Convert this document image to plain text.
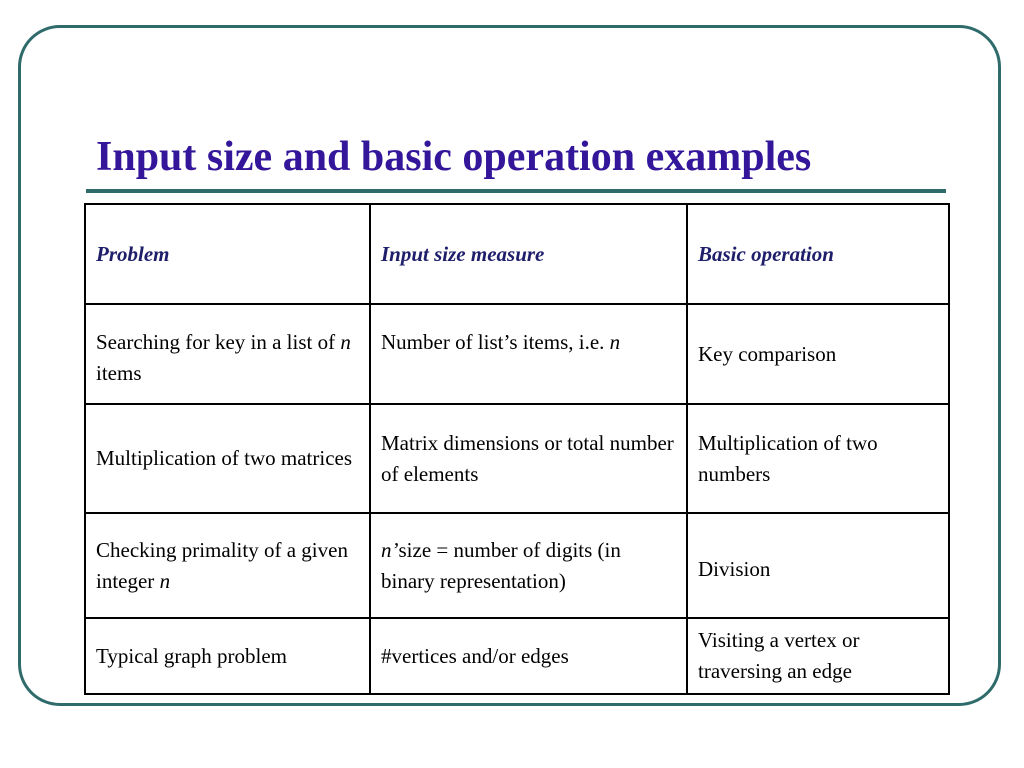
Input size and basic operation examples
Problem	Input size measure	Basic operation
Searching for key in a list of n items	Number of list’s items, i.e. n	Key comparison
Multiplication of two matrices	Matrix dimensions or total number of elements	Multiplication of two numbers
Checking primality of a given integer n	n’size = number of digits (in binary representation)	Division
Typical graph problem	#vertices and/or edges	Visiting a vertex or traversing an edge
